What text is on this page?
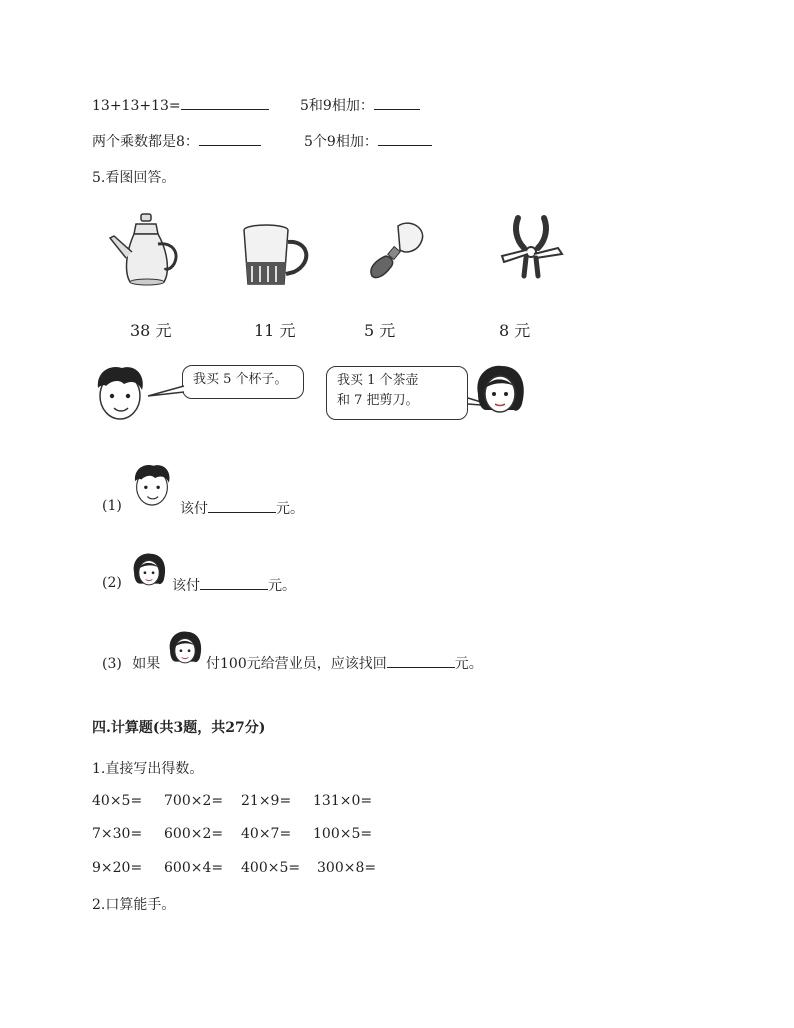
13+13+13=	5和9相加：
两个乘数都是8：	5个9相加：
5.看图回答。
38 元	11 元	5 元	8 元
我买 5 个杯子。	我买 1 个茶壶
和 7 把剪刀。
(1)	该付	元。
(2)	该付	元。
(3) 如果	付100元给营业员，应该找回	元。
四.计算题(共3题，共27分)
1.直接写出得数。
40×5= 700×2= 21×9= 131×0=
7×30= 600×2= 40×7= 100×5=
9×20= 600×4= 400×5= 300×8=
2.口算能手。
